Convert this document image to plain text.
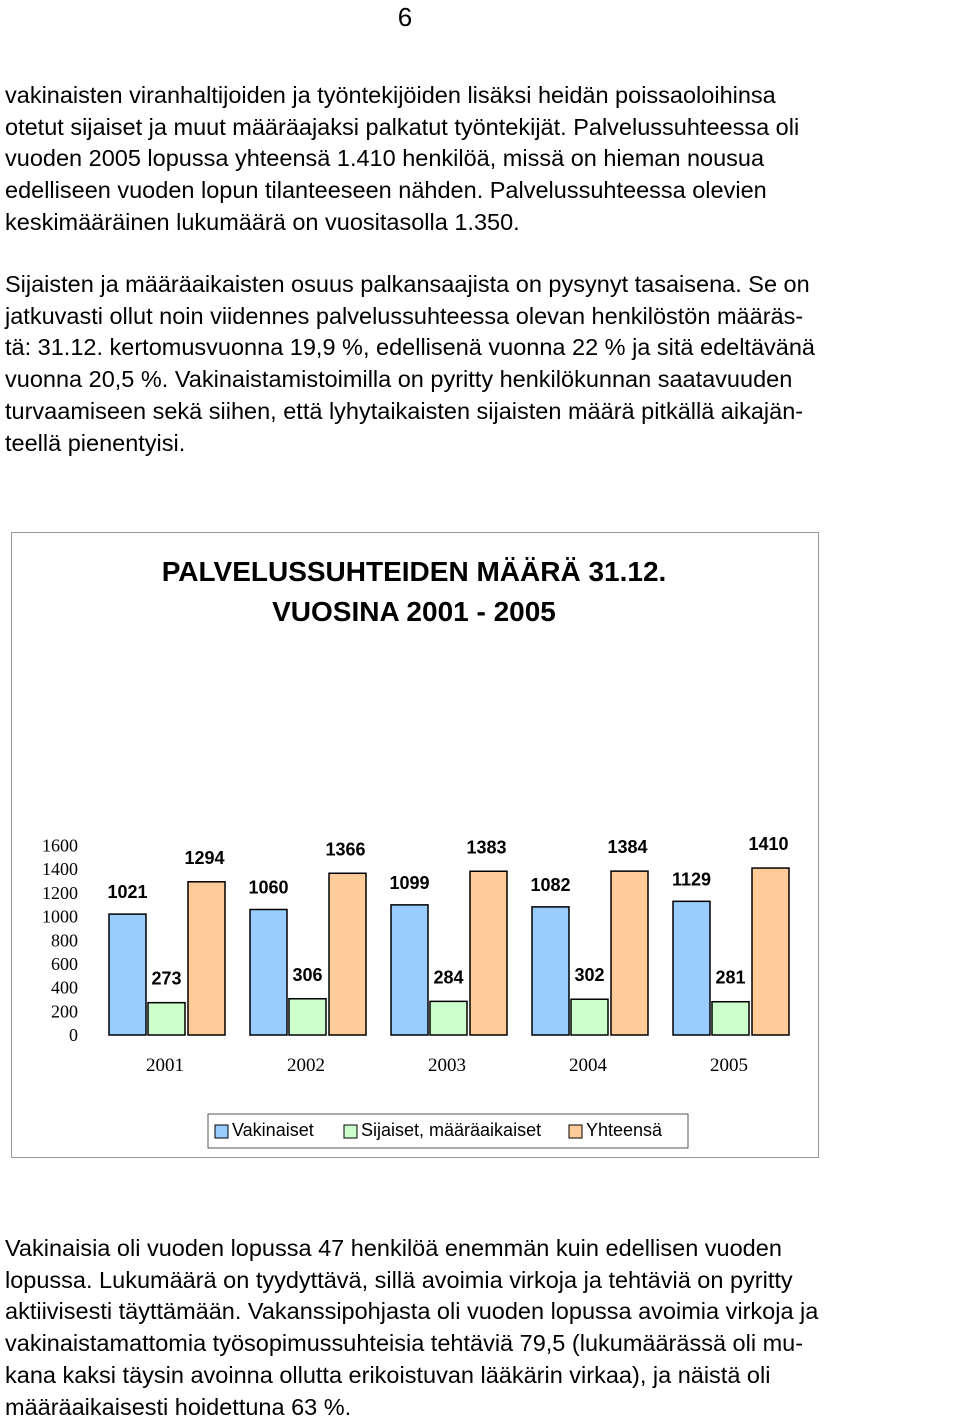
6
vakinaisten viranhaltijoiden ja työntekijöiden lisäksi heidän poissaoloihinsa
otetut sijaiset ja muut määräajaksi palkatut työntekijät. Palvelussuhteessa oli
vuoden 2005 lopussa yhteensä 1.410 henkilöä, missä on hieman nousua
edelliseen vuoden lopun tilanteeseen nähden. Palvelussuhteessa olevien
keskimääräinen lukumäärä on vuositasolla 1.350.
Sijaisten ja määräaikaisten osuus palkansaajista on pysynyt tasaisena. Se on
jatkuvasti ollut noin viidennes palvelussuhteessa olevan henkilöstön määräs-
tä: 31.12. kertomusvuonna 19,9 %, edellisenä vuonna 22 % ja sitä edeltävänä
vuonna 20,5 %. Vakinaistamistoimilla on pyritty henkilökunnan saatavuuden
turvaamiseen sekä siihen, että lyhytaikaisten sijaisten määrä pitkällä aikajän-
teellä pienentyisi.
PALVELUSSUHTEIDEN MÄÄRÄ 31.12.
VUOSINA 2001 - 2005
0
200
400
600
800
1000
1200
1400
1600
1021	1060	1099	1082	1129
273	306	284	302	281
1294	1366	1383	1384	1410
2001	2002	2003	2004	2005
Vakinaiset	Sijaiset, määräaikaiset Yhteensä
Vakinaisia oli vuoden lopussa 47 henkilöä enemmän kuin edellisen vuoden
lopussa. Lukumäärä on tyydyttävä, sillä avoimia virkoja ja tehtäviä on pyritty
aktiivisesti täyttämään. Vakanssipohjasta oli vuoden lopussa avoimia virkoja ja
vakinaistamattomia työsopimussuhteisia tehtäviä 79,5 (lukumäärässä oli mu-
kana kaksi täysin avoinna ollutta erikoistuvan lääkärin virkaa), ja näistä oli
määräaikaisesti hoidettuna 63 %.
